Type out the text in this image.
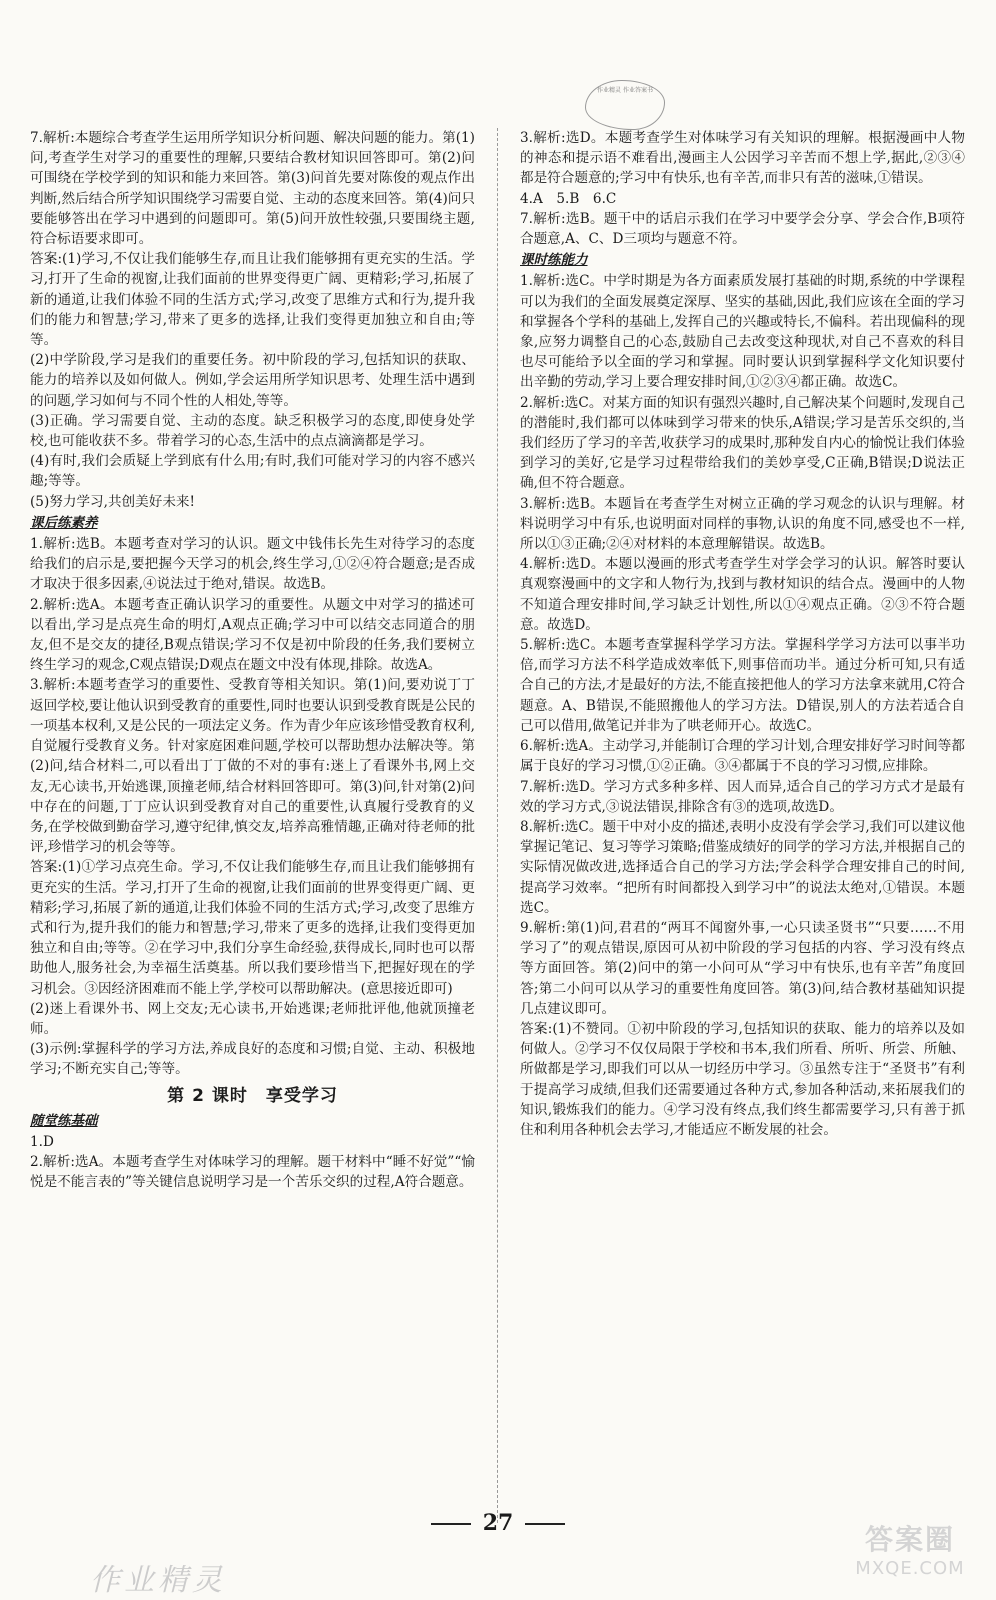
作业精灵 作业答案书

7.解析:本题综合考查学生运用所学知识分析问题、解决问题的能力。第(1)问,考查学生对学习的重要性的理解,只要结合教材知识回答即可。第(2)问可围绕在学校学到的知识和能力来回答。第(3)问首先要对陈俊的观点作出判断,然后结合所学知识围绕学习需要自觉、主动的态度来回答。第(4)问只要能够答出在学习中遇到的问题即可。第(5)问开放性较强,只要围绕主题,符合标语要求即可。

答案:(1)学习,不仅让我们能够生存,而且让我们能够拥有更充实的生活。学习,打开了生命的视窗,让我们面前的世界变得更广阔、更精彩;学习,拓展了新的通道,让我们体验不同的生活方式;学习,改变了思维方式和行为,提升我们的能力和智慧;学习,带来了更多的选择,让我们变得更加独立和自由;等等。

(2)中学阶段,学习是我们的重要任务。初中阶段的学习,包括知识的获取、能力的培养以及如何做人。例如,学会运用所学知识思考、处理生活中遇到的问题,学习如何与不同个性的人相处,等等。

(3)正确。学习需要自觉、主动的态度。缺乏积极学习的态度,即使身处学校,也可能收获不多。带着学习的心态,生活中的点点滴滴都是学习。

(4)有时,我们会质疑上学到底有什么用;有时,我们可能对学习的内容不感兴趣;等等。

(5)努力学习,共创美好未来!

课后练素养

1.解析:选B。本题考查对学习的认识。题文中钱伟长先生对待学习的态度给我们的启示是,要把握今天学习的机会,终生学习,①②④符合题意;是否成才取决于很多因素,④说法过于绝对,错误。故选B。

2.解析:选A。本题考查正确认识学习的重要性。从题文中对学习的描述可以看出,学习是点亮生命的明灯,A观点正确;学习中可以结交志同道合的朋友,但不是交友的捷径,B观点错误;学习不仅是初中阶段的任务,我们要树立终生学习的观念,C观点错误;D观点在题文中没有体现,排除。故选A。

3.解析:本题考查学习的重要性、受教育等相关知识。第(1)问,要劝说丁丁返回学校,要让他认识到受教育的重要性,同时也要认识到受教育既是公民的一项基本权利,又是公民的一项法定义务。作为青少年应该珍惜受教育权利,自觉履行受教育义务。针对家庭困难问题,学校可以帮助想办法解决等。第(2)问,结合材料二,可以看出丁丁做的不对的事有:迷上了看课外书,网上交友,无心读书,开始逃课,顶撞老师,结合材料回答即可。第(3)问,针对第(2)问中存在的问题,丁丁应认识到受教育对自己的重要性,认真履行受教育的义务,在学校做到勤奋学习,遵守纪律,慎交友,培养高雅情趣,正确对待老师的批评,珍惜学习的机会等等。

答案:(1)①学习点亮生命。学习,不仅让我们能够生存,而且让我们能够拥有更充实的生活。学习,打开了生命的视窗,让我们面前的世界变得更广阔、更精彩;学习,拓展了新的通道,让我们体验不同的生活方式;学习,改变了思维方式和行为,提升我们的能力和智慧;学习,带来了更多的选择,让我们变得更加独立和自由;等等。②在学习中,我们分享生命经验,获得成长,同时也可以帮助他人,服务社会,为幸福生活奠基。所以我们要珍惜当下,把握好现在的学习机会。③因经济困难而不能上学,学校可以帮助解决。(意思接近即可)

(2)迷上看课外书、网上交友;无心读书,开始逃课;老师批评他,他就顶撞老师。

(3)示例:掌握科学的学习方法,养成良好的态度和习惯;自觉、主动、积极地学习;不断充实自己;等等。

第 2 课时　享受学习
随堂练基础

1.D

2.解析:选A。本题考查学生对体味学习的理解。题干材料中“睡不好觉”“愉悦是不能言表的”等关键信息说明学习是一个苦乐交织的过程,A符合题意。

3.解析:选D。本题考查学生对体味学习有关知识的理解。根据漫画中人物的神态和提示语不难看出,漫画主人公因学习辛苦而不想上学,据此,②③④都是符合题意的;学习中有快乐,也有辛苦,而非只有苦的滋味,①错误。

4.A　5.B　6.C

7.解析:选B。题干中的话启示我们在学习中要学会分享、学会合作,B项符合题意,A、C、D三项均与题意不符。

课时练能力

1.解析:选C。中学时期是为各方面素质发展打基础的时期,系统的中学课程可以为我们的全面发展奠定深厚、坚实的基础,因此,我们应该在全面的学习和掌握各个学科的基础上,发挥自己的兴趣或特长,不偏科。若出现偏科的现象,应努力调整自己的心态,鼓励自己去改变这种现状,对自己不喜欢的科目也尽可能给予以全面的学习和掌握。同时要认识到掌握科学文化知识要付出辛勤的劳动,学习上要合理安排时间,①②③④都正确。故选C。

2.解析:选C。对某方面的知识有强烈兴趣时,自己解决某个问题时,发现自己的潜能时,我们都可以体味到学习带来的快乐,A错误;学习是苦乐交织的,当我们经历了学习的辛苦,收获学习的成果时,那种发自内心的愉悦让我们体验到学习的美好,它是学习过程带给我们的美妙享受,C正确,B错误;D说法正确,但不符合题意。

3.解析:选B。本题旨在考查学生对树立正确的学习观念的认识与理解。材料说明学习中有乐,也说明面对同样的事物,认识的角度不同,感受也不一样,所以①③正确;②④对材料的本意理解错误。故选B。

4.解析:选D。本题以漫画的形式考查学生对学会学习的认识。解答时要认真观察漫画中的文字和人物行为,找到与教材知识的结合点。漫画中的人物不知道合理安排时间,学习缺乏计划性,所以①④观点正确。②③不符合题意。故选D。

5.解析:选C。本题考查掌握科学学习方法。掌握科学学习方法可以事半功倍,而学习方法不科学造成效率低下,则事倍而功半。通过分析可知,只有适合自己的方法,才是最好的方法,不能直接把他人的学习方法拿来就用,C符合题意。A、B错误,不能照搬他人的学习方法。D错误,别人的方法若适合自己可以借用,做笔记并非为了哄老师开心。故选C。

6.解析:选A。主动学习,并能制订合理的学习计划,合理安排好学习时间等都属于良好的学习习惯,①②正确。③④都属于不良的学习习惯,应排除。

7.解析:选D。学习方式多种多样、因人而异,适合自己的学习方式才是最有效的学习方式,③说法错误,排除含有③的选项,故选D。

8.解析:选C。题干中对小皮的描述,表明小皮没有学会学习,我们可以建议他掌握记笔记、复习等学习策略;借鉴成绩好的同学的学习方法,并根据自己的实际情况做改进,选择适合自己的学习方法;学会科学合理安排自己的时间,提高学习效率。“把所有时间都投入到学习中”的说法太绝对,①错误。本题选C。

9.解析:第(1)问,君君的“两耳不闻窗外事,一心只读圣贤书”“只要……不用学习了”的观点错误,原因可从初中阶段的学习包括的内容、学习没有终点等方面回答。第(2)问中的第一小问可从“学习中有快乐,也有辛苦”角度回答;第二小问可以从学习的重要性角度回答。第(3)问,结合教材基础知识提几点建议即可。

答案:(1)不赞同。①初中阶段的学习,包括知识的获取、能力的培养以及如何做人。②学习不仅仅局限于学校和书本,我们所看、所听、所尝、所触、所做都是学习,即我们可以从一切经历中学习。③虽然专注于“圣贤书”有利于提高学习成绩,但我们还需要通过各种方式,参加各种活动,来拓展我们的知识,锻炼我们的能力。④学习没有终点,我们终生都需要学习,只有善于抓住和利用各种机会去学习,才能适应不断发展的社会。

27
作业精灵
答案圈
MXQE.COM
